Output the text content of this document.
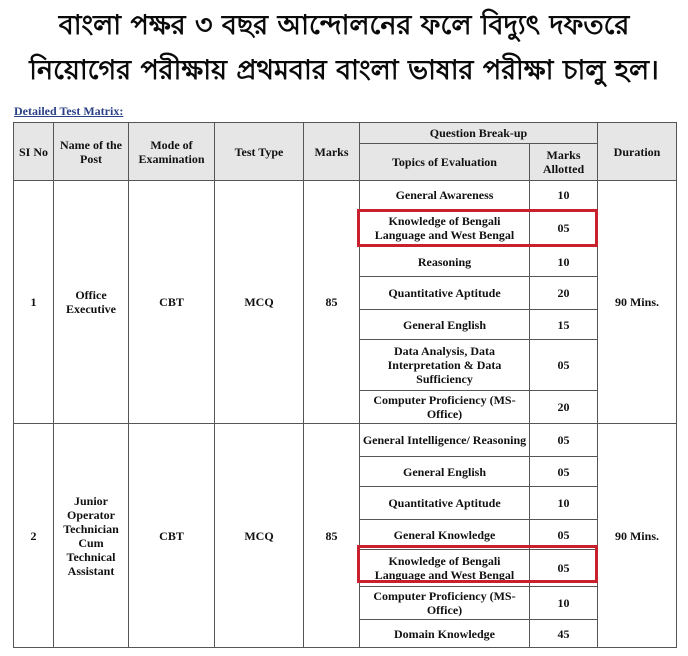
বাংলা পক্ষর ৩ বছর আন্দোলনের ফলে বিদ্যুৎ দফতরে
নিয়োগের পরীক্ষায় প্রথমবার বাংলা ভাষার পরীক্ষা চালু হল।
Detailed Test Matrix:
SI No	Name of the Post	Mode of Examination	Test Type	Marks	Question Break-up		Duration
					Topics of Evaluation	Marks Allotted	
1	Office Executive	CBT	MCQ	85	General Awareness	10	90 Mins.
					Knowledge of Bengali Language and West Bengal	05	
					Reasoning	10	
					Quantitative Aptitude	20	
					General English	15	
					Data Analysis, Data Interpretation & Data Sufficiency	05	
					Computer Proficiency (MS-Office)	20	
2	Junior Operator Technician Cum Technical Assistant	CBT	MCQ	85	General Intelligence/ Reasoning	05	90 Mins.
					General English	05	
					Quantitative Aptitude	10	
					General Knowledge	05	
					Knowledge of Bengali Language and West Bengal	05	
					Computer Proficiency (MS-Office)	10	
					Domain Knowledge	45	
